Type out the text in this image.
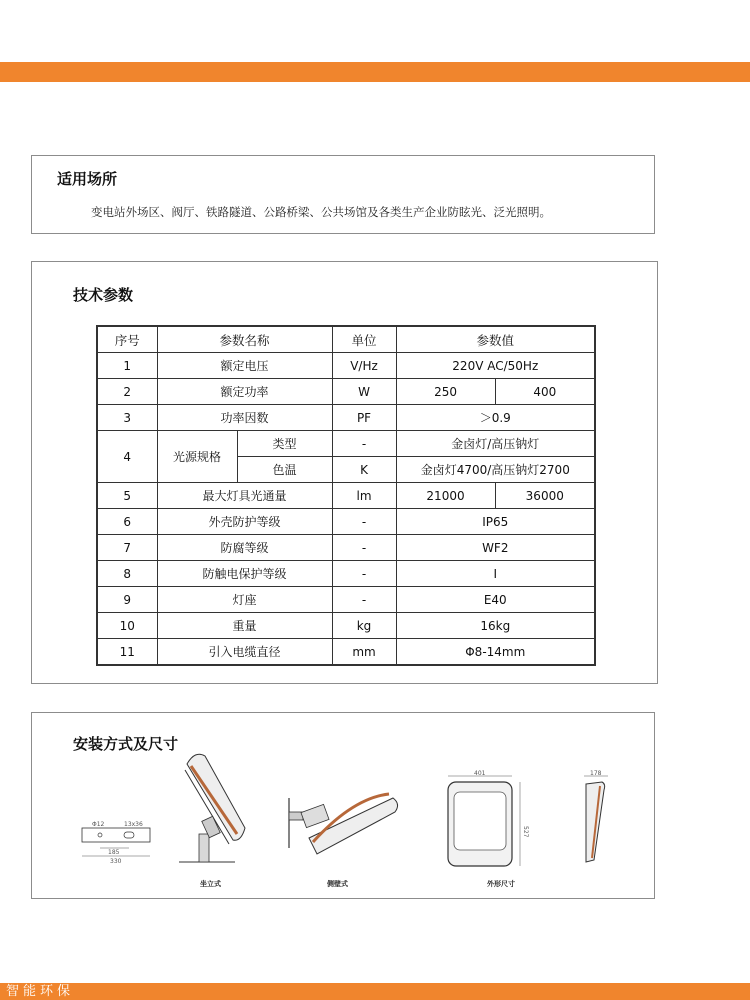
适用场所
变电站外场区、阀厅、铁路隧道、公路桥梁、公共场馆及各类生产企业防眩光、泛光照明。
技术参数
序号	参数名称		单位	参数值	
1	额定电压		V/Hz	220V AC/50Hz	
2	额定功率		W	250	400
3	功率因数		PF	＞0.9	
4	光源规格	类型	-	金卤灯/高压钠灯	
		色温	K	金卤灯4700/高压钠灯2700	
5	最大灯具光通量		lm	21000	36000
6	外壳防护等级		-	IP65	
7	防腐等级		-	WF2	
8	防触电保护等级		-	I	
9	灯座		-	E40	
10	重量		kg	16kg	
11	引入电缆直径		mm	Φ8-14mm	
安装方式及尺寸
Φ12	13x36
185
330
401
527
178
坐立式	侧壁式	外形尺寸
智能环保
